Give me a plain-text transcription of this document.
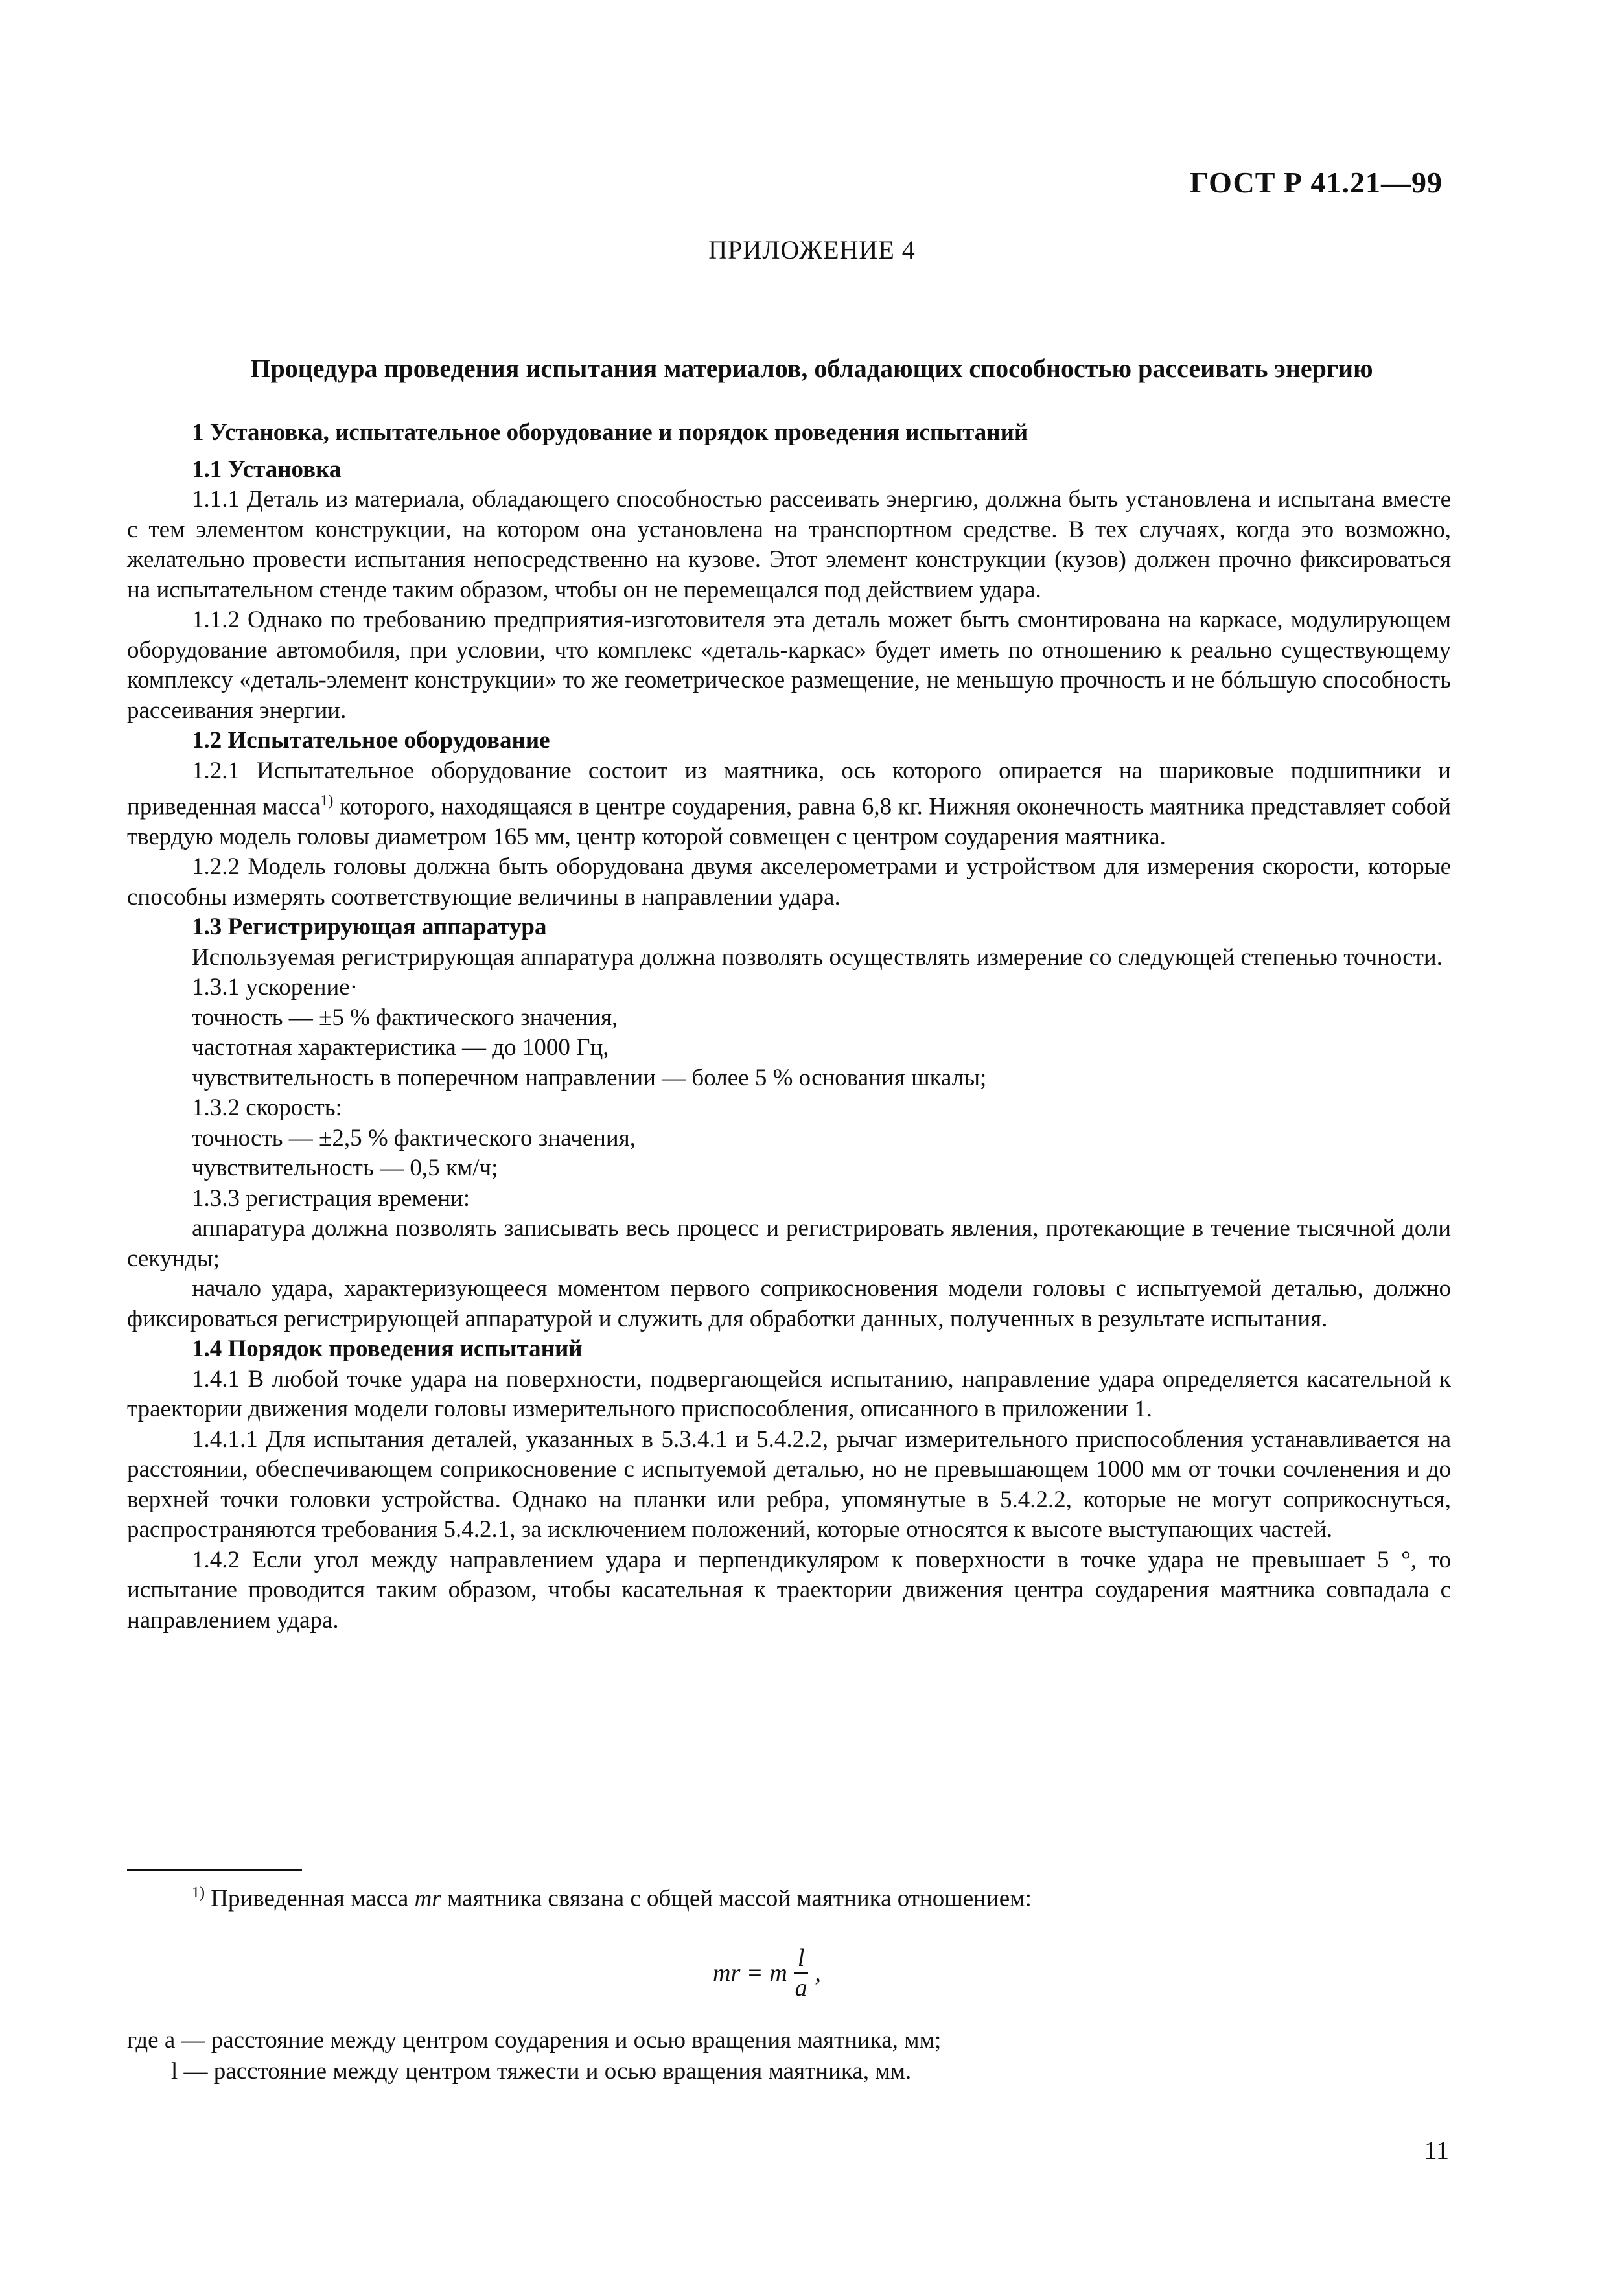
ГОСТ Р 41.21—99
ПРИЛОЖЕНИЕ 4
Процедура проведения испытания материалов, обладающих способностью рассеивать энергию

1 Установка, испытательное оборудование и порядок проведения испытаний

1.1 Установка

1.1.1 Деталь из материала, обладающего способностью рассеивать энергию, должна быть установлена и испытана вместе с тем элементом конструкции, на котором она установлена на транспортном средстве. В тех случаях, когда это возможно, желательно провести испытания непосредственно на кузове. Этот элемент конструкции (кузов) должен прочно фиксироваться на испытательном стенде таким образом, чтобы он не перемещался под действием удара.

1.1.2 Однако по требованию предприятия-изготовителя эта деталь может быть смонтирована на каркасе, модулирующем оборудование автомобиля, при условии, что комплекс «деталь-каркас» будет иметь по отношению к реально существующему комплексу «деталь-элемент конструкции» то же геометрическое размещение, не меньшую прочность и не бóльшую способность рассеивания энергии.

1.2 Испытательное оборудование

1.2.1 Испытательное оборудование состоит из маятника, ось которого опирается на шариковые подшипники и приведенная масса$^{1)}$ которого, находящаяся в центре соударения, равна 6,8 кг. Нижняя оконечность маятника представляет собой твердую модель головы диаметром 165 мм, центр которой совмещен с центром соударения маятника.

1.2.2 Модель головы должна быть оборудована двумя акселерометрами и устройством для измерения скорости, которые способны измерять соответствующие величины в направлении удара.

1.3 Регистрирующая аппаратура

Используемая регистрирующая аппаратура должна позволять осуществлять измерение со следующей степенью точности.

1.3.1 ускорение·

точность — ±5 % фактического значения,

частотная характеристика — до 1000 Гц,

чувствительность в поперечном направлении — более 5 % основания шкалы;

1.3.2 скорость:

точность — ±2,5 % фактического значения,

чувствительность — 0,5 км/ч;

1.3.3 регистрация времени:

аппаратура должна позволять записывать весь процесс и регистрировать явления, протекающие в течение тысячной доли секунды;

начало удара, характеризующееся моментом первого соприкосновения модели головы с испытуемой деталью, должно фиксироваться регистрирующей аппаратурой и служить для обработки данных, полученных в результате испытания.

1.4 Порядок проведения испытаний

1.4.1 В любой точке удара на поверхности, подвергающейся испытанию, направление удара определяется касательной к траектории движения модели головы измерительного приспособления, описанного в приложении 1.

1.4.1.1 Для испытания деталей, указанных в 5.3.4.1 и 5.4.2.2, рычаг измерительного приспособления устанавливается на расстоянии, обеспечивающем соприкосновение с испытуемой деталью, но не превышающем 1000 мм от точки сочленения и до верхней точки головки устройства. Однако на планки или ребра, упомянутые в 5.4.2.2, которые не могут соприкоснуться, распространяются требования 5.4.2.1, за исключением положений, которые относятся к высоте выступающих частей.

1.4.2 Если угол между направлением удара и перпендикуляром к поверхности в точке удара не превышает 5 °, то испытание проводится таким образом, чтобы касательная к траектории движения центра соударения маятника совпадала с направлением удара.

$^{1)}$ Приведенная масса mr маятника связана с общей массой маятника отношением:

mr = m $\frac{l}{a}$ ,

где a — расстояние между центром соударения и осью вращения маятника, мм;

l — расстояние между центром тяжести и осью вращения маятника, мм.

11
